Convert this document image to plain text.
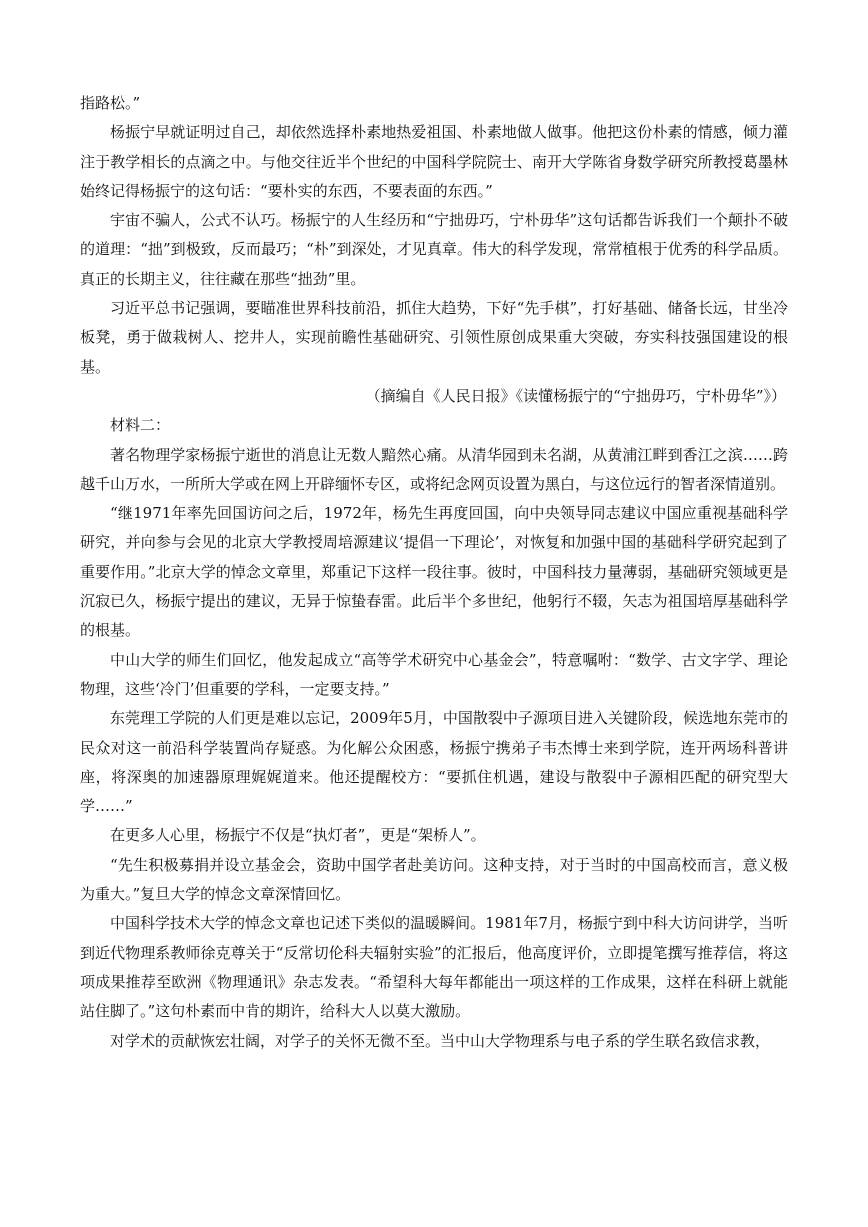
指路松。”

杨振宁早就证明过自己，却依然选择朴素地热爱祖国、朴素地做人做事。他把这份朴素的情感，倾力灌注于教学相长的点滴之中。与他交往近半个世纪的中国科学院院士、南开大学陈省身数学研究所教授葛墨林始终记得杨振宁的这句话：“要朴实的东西，不要表面的东西。”

宇宙不骗人，公式不认巧。杨振宁的人生经历和“宁拙毋巧，宁朴毋华”这句话都告诉我们一个颠扑不破的道理：“拙”到极致，反而最巧；“朴”到深处，才见真章。伟大的科学发现，常常植根于优秀的科学品质。真正的长期主义，往往藏在那些“拙劲”里。

习近平总书记强调，要瞄准世界科技前沿，抓住大趋势，下好“先手棋”，打好基础、储备长远，甘坐冷板凳，勇于做栽树人、挖井人，实现前瞻性基础研究、引领性原创成果重大突破，夯实科技强国建设的根基。

（摘编自《人民日报》《读懂杨振宁的“宁拙毋巧，宁朴毋华”》）

材料二：

著名物理学家杨振宁逝世的消息让无数人黯然心痛。从清华园到未名湖，从黄浦江畔到香江之滨……跨越千山万水，一所所大学或在网上开辟缅怀专区，或将纪念网页设置为黑白，与这位远行的智者深情道别。

“继1971年率先回国访问之后，1972年，杨先生再度回国，向中央领导同志建议中国应重视基础科学研究，并向参与会见的北京大学教授周培源建议‘提倡一下理论’，对恢复和加强中国的基础科学研究起到了重要作用。”北京大学的悼念文章里，郑重记下这样一段往事。彼时，中国科技力量薄弱，基础研究领域更是沉寂已久，杨振宁提出的建议，无异于惊蛰春雷。此后半个多世纪，他躬行不辍，矢志为祖国培厚基础科学的根基。

中山大学的师生们回忆，他发起成立“高等学术研究中心基金会”，特意嘱咐：“数学、古文字学、理论物理，这些‘冷门’但重要的学科，一定要支持。”

东莞理工学院的人们更是难以忘记，2009年5月，中国散裂中子源项目进入关键阶段，候选地东莞市的民众对这一前沿科学装置尚存疑惑。为化解公众困惑，杨振宁携弟子韦杰博士来到学院，连开两场科普讲座，将深奥的加速器原理娓娓道来。他还提醒校方：“要抓住机遇，建设与散裂中子源相匹配的研究型大学……”

在更多人心里，杨振宁不仅是“执灯者”，更是“架桥人”。

“先生积极募捐并设立基金会，资助中国学者赴美访问。这种支持，对于当时的中国高校而言，意义极为重大。”复旦大学的悼念文章深情回忆。

中国科学技术大学的悼念文章也记述下类似的温暖瞬间。1981年7月，杨振宁到中科大访问讲学，当听到近代物理系教师徐克尊关于“反常切伦科夫辐射实验”的汇报后，他高度评价，立即提笔撰写推荐信，将这项成果推荐至欧洲《物理通讯》杂志发表。“希望科大每年都能出一项这样的工作成果，这样在科研上就能站住脚了。”这句朴素而中肯的期许，给科大人以莫大激励。

对学术的贡献恢宏壮阔，对学子的关怀无微不至。当中山大学物理系与电子系的学生联名致信求教，
